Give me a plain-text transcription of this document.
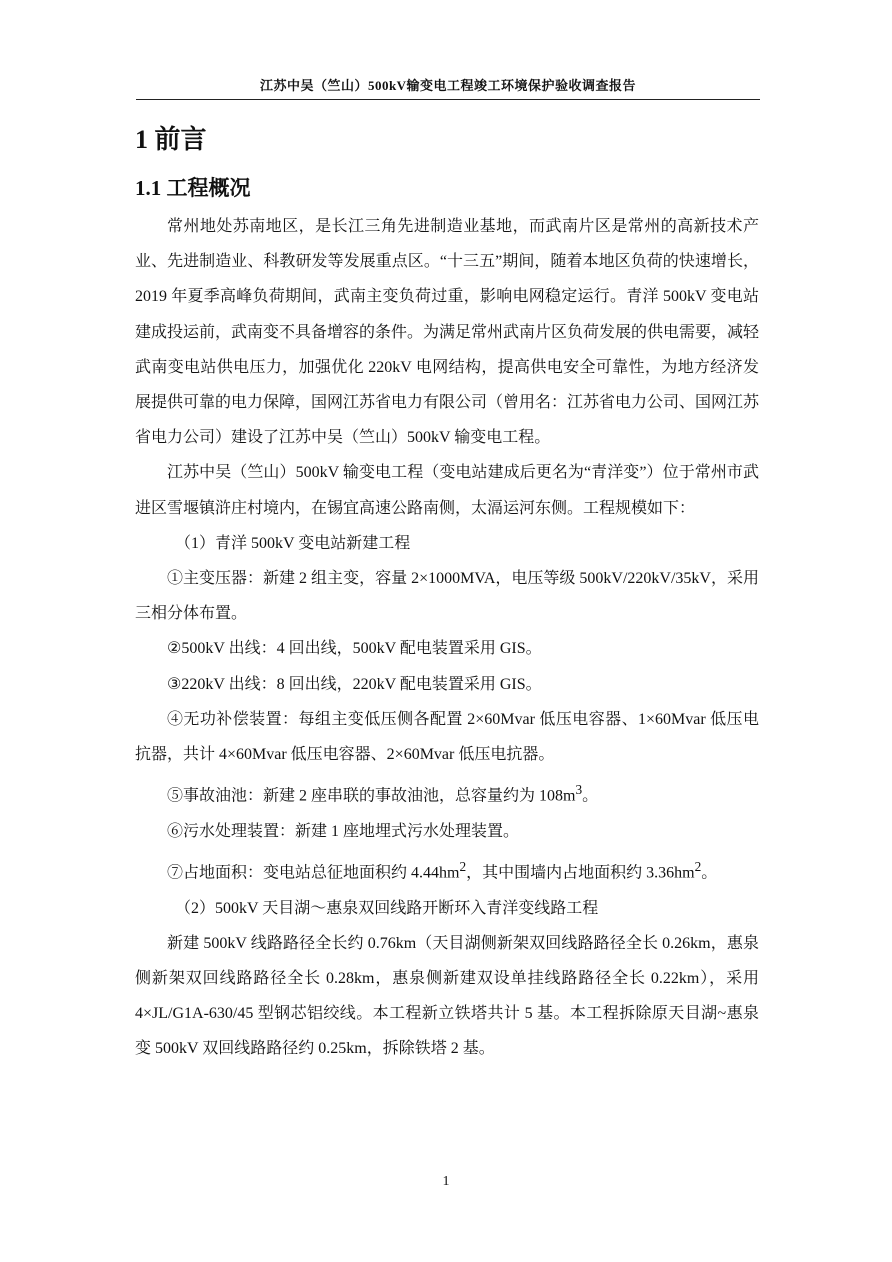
江苏中吴（竺山）500kV输变电工程竣工环境保护验收调查报告
1 前言
1.1 工程概况

常州地处苏南地区，是长江三角先进制造业基地，而武南片区是常州的高新技术产业、先进制造业、科教研发等发展重点区。“十三五”期间，随着本地区负荷的快速增长，2019 年夏季高峰负荷期间，武南主变负荷过重，影响电网稳定运行。青洋 500kV 变电站建成投运前，武南变不具备增容的条件。为满足常州武南片区负荷发展的供电需要，减轻武南变电站供电压力，加强优化 220kV 电网结构，提高供电安全可靠性，为地方经济发展提供可靠的电力保障，国网江苏省电力有限公司（曾用名：江苏省电力公司、国网江苏省电力公司）建设了江苏中吴（竺山）500kV 输变电工程。

江苏中吴（竺山）500kV 输变电工程（变电站建成后更名为“青洋变”）位于常州市武进区雪堰镇浒庄村境内，在锡宜高速公路南侧，太滆运河东侧。工程规模如下：

（1）青洋 500kV 变电站新建工程

①主变压器：新建 2 组主变，容量 2×1000MVA，电压等级 500kV/220kV/35kV，采用三相分体布置。

②500kV 出线：4 回出线，500kV 配电装置采用 GIS。

③220kV 出线：8 回出线，220kV 配电装置采用 GIS。

④无功补偿装置：每组主变低压侧各配置 2×60Mvar 低压电容器、1×60Mvar 低压电抗器，共计 4×60Mvar 低压电容器、2×60Mvar 低压电抗器。

⑤事故油池：新建 2 座串联的事故油池，总容量约为 $108m^3$。

⑥污水处理装置：新建 1 座地埋式污水处理装置。

⑦占地面积：变电站总征地面积约 $4.44hm^2$，其中围墙内占地面积约 $3.36hm^2$。

（2）500kV 天目湖～惠泉双回线路开断环入青洋变线路工程

新建 500kV 线路路径全长约 0.76km（天目湖侧新架双回线路路径全长 0.26km，惠泉侧新架双回线路路径全长 0.28km，惠泉侧新建双设单挂线路路径全长 0.22km），采用 4×JL/G1A-630/45 型钢芯铝绞线。本工程新立铁塔共计 5 基。本工程拆除原天目湖~惠泉变 500kV 双回线路路径约 0.25km，拆除铁塔 2 基。

1
